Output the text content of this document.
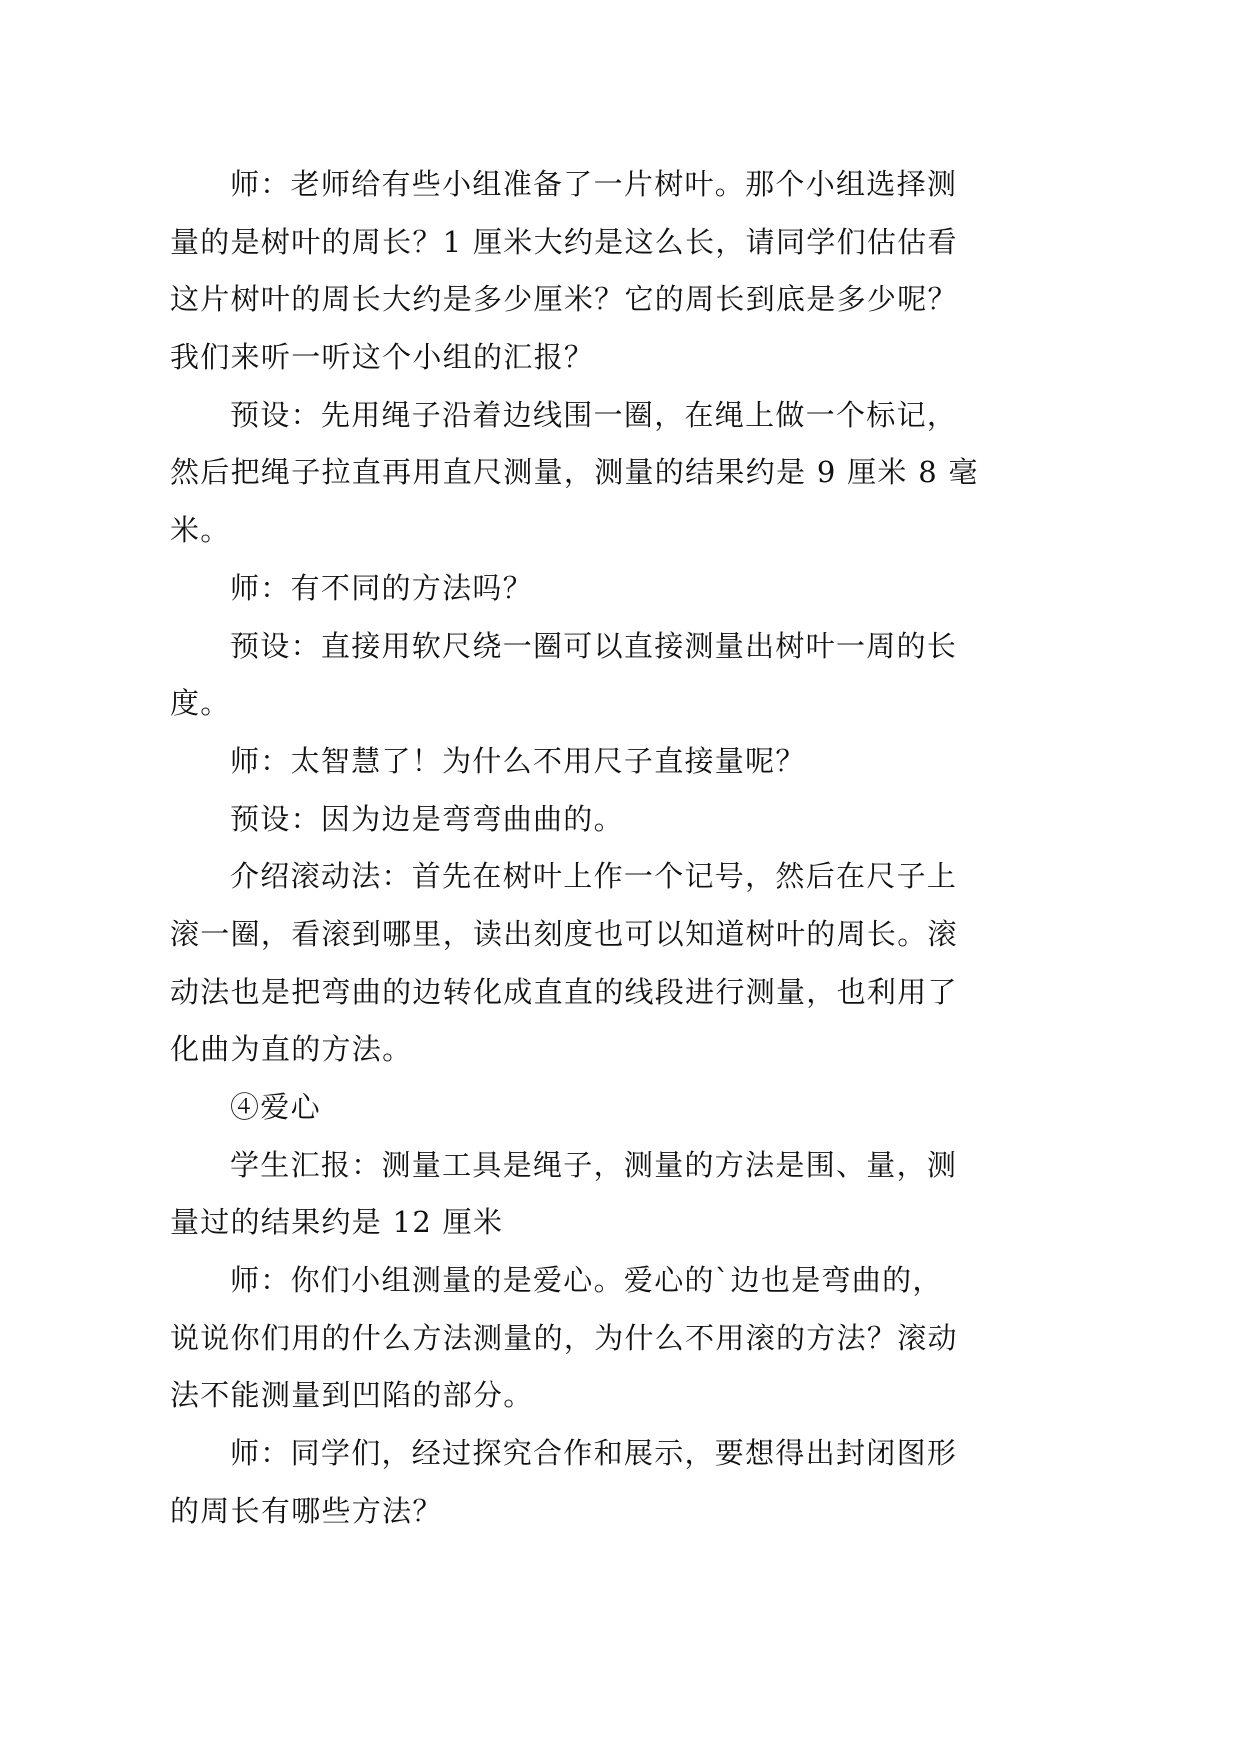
师：老师给有些小组准备了一片树叶。那个小组选择测
量的是树叶的周长？1 厘米大约是这么长，请同学们估估看
这片树叶的周长大约是多少厘米？它的周长到底是多少呢？
我们来听一听这个小组的汇报？
预设：先用绳子沿着边线围一圈，在绳上做一个标记，
然后把绳子拉直再用直尺测量，测量的结果约是 9 厘米 8 毫
米。
师：有不同的方法吗？
预设：直接用软尺绕一圈可以直接测量出树叶一周的长
度。
师：太智慧了！为什么不用尺子直接量呢？
预设：因为边是弯弯曲曲的。
介绍滚动法：首先在树叶上作一个记号，然后在尺子上
滚一圈，看滚到哪里，读出刻度也可以知道树叶的周长。滚
动法也是把弯曲的边转化成直直的线段进行测量，也利用了
化曲为直的方法。
④爱心
学生汇报：测量工具是绳子，测量的方法是围、量，测
量过的结果约是 12 厘米
师：你们小组测量的是爱心。爱心的`边也是弯曲的，
说说你们用的什么方法测量的，为什么不用滚的方法？滚动
法不能测量到凹陷的部分。
师：同学们，经过探究合作和展示，要想得出封闭图形
的周长有哪些方法？
